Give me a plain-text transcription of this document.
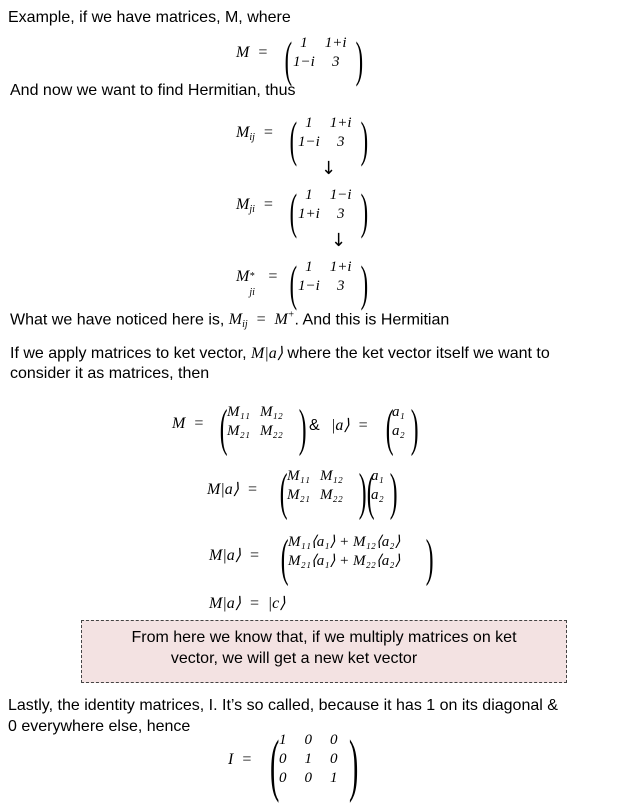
Example, if we have matrices, M, where
M = ( 1	1+i
1−i	3 )
And now we want to find Hermitian, thus
$M_{ij}$ = ( 1	1+i
1−i	3 )
↓
$M_{ji}$ = ( 1	1−i
1+i	3 )
↓
M *
ji
= ( 1	1+i
1−i	3 )
What we have noticed here is, $M_{ij} = M^+$. And this is Hermitian
If we apply matrices to ket vector, M|a⟩ where the ket vector itself we want to
consider it as matrices, then
M = ( M₁₁	M₁₂
M₂₁	M₂₂ ) & |a⟩ = (
a₁
a₂ )
M|a⟩ = ( M₁₁	M₁₂
M₂₁	M₂₂ ) (
a₁
a₂ )
M|a⟩ = ( M₁₁⟨a₁⟩ + M₁₂⟨a₂⟩
M₂₁⟨a₁⟩ + M₂₂⟨a₂⟩ )
M|a⟩ = |c⟩
From here we know that, if we multiply matrices on ket
vector, we will get a new ket vector
Lastly, the identity matrices, I. It’s so called, because it has 1 on its diagonal &
0 everywhere else, hence
I = ( 1	0	0
0	1	0
0	0	1 )
